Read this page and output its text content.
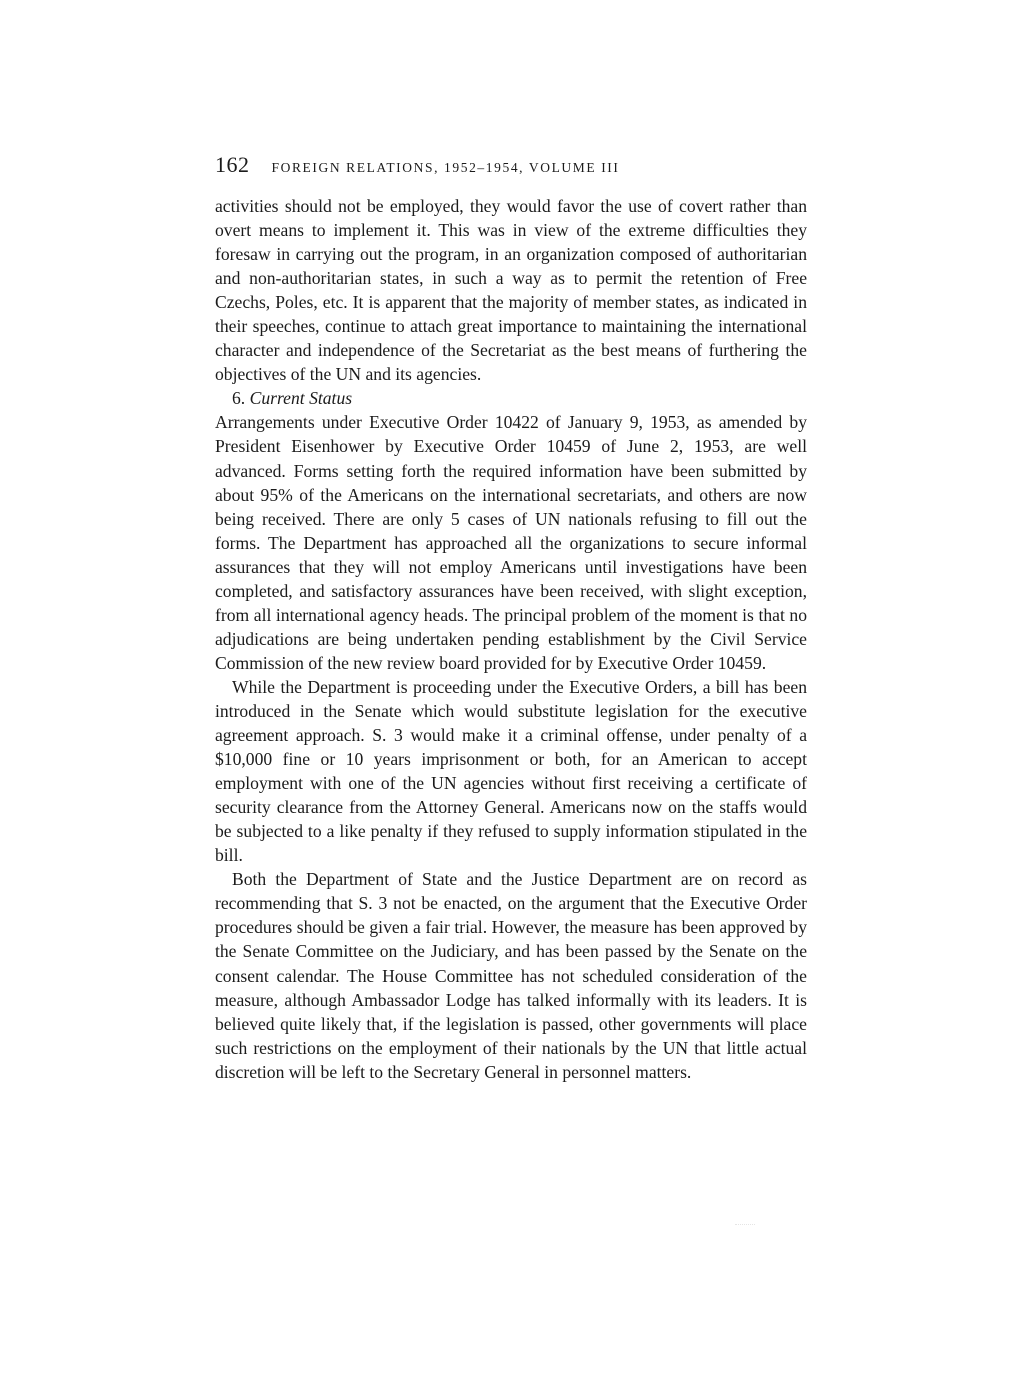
162 FOREIGN RELATIONS, 1952–1954, VOLUME III

activities should not be employed, they would favor the use of covert rather than overt means to implement it. This was in view of the extreme difficulties they foresaw in carrying out the program, in an organization composed of authoritarian and non-authoritarian states, in such a way as to permit the retention of Free Czechs, Poles, etc. It is apparent that the majority of member states, as indicated in their speeches, continue to attach great importance to maintaining the international character and independence of the Secretariat as the best means of furthering the objectives of the UN and its agencies.

6. Current Status

Arrangements under Executive Order 10422 of January 9, 1953, as amended by President Eisenhower by Executive Order 10459 of June 2, 1953, are well advanced. Forms setting forth the required information have been submitted by about 95% of the Americans on the international secretariats, and others are now being received. There are only 5 cases of UN nationals refusing to fill out the forms. The Department has approached all the organizations to secure informal assurances that they will not employ Americans until investigations have been completed, and satisfactory assurances have been received, with slight exception, from all international agency heads. The principal problem of the moment is that no adjudications are being undertaken pending establishment by the Civil Service Commission of the new review board provided for by Executive Order 10459.

While the Department is proceeding under the Executive Orders, a bill has been introduced in the Senate which would substitute legislation for the executive agreement approach. S. 3 would make it a criminal offense, under penalty of a $10,000 fine or 10 years imprisonment or both, for an American to accept employment with one of the UN agencies without first receiving a certificate of security clearance from the Attorney General. Americans now on the staffs would be subjected to a like penalty if they refused to supply information stipulated in the bill.

Both the Department of State and the Justice Department are on record as recommending that S. 3 not be enacted, on the argument that the Executive Order procedures should be given a fair trial. However, the measure has been approved by the Senate Committee on the Judiciary, and has been passed by the Senate on the consent calendar. The House Committee has not scheduled consideration of the measure, although Ambassador Lodge has talked informally with its leaders. It is believed quite likely that, if the legislation is passed, other governments will place such restrictions on the employment of their nationals by the UN that little actual discretion will be left to the Secretary General in personnel matters.
